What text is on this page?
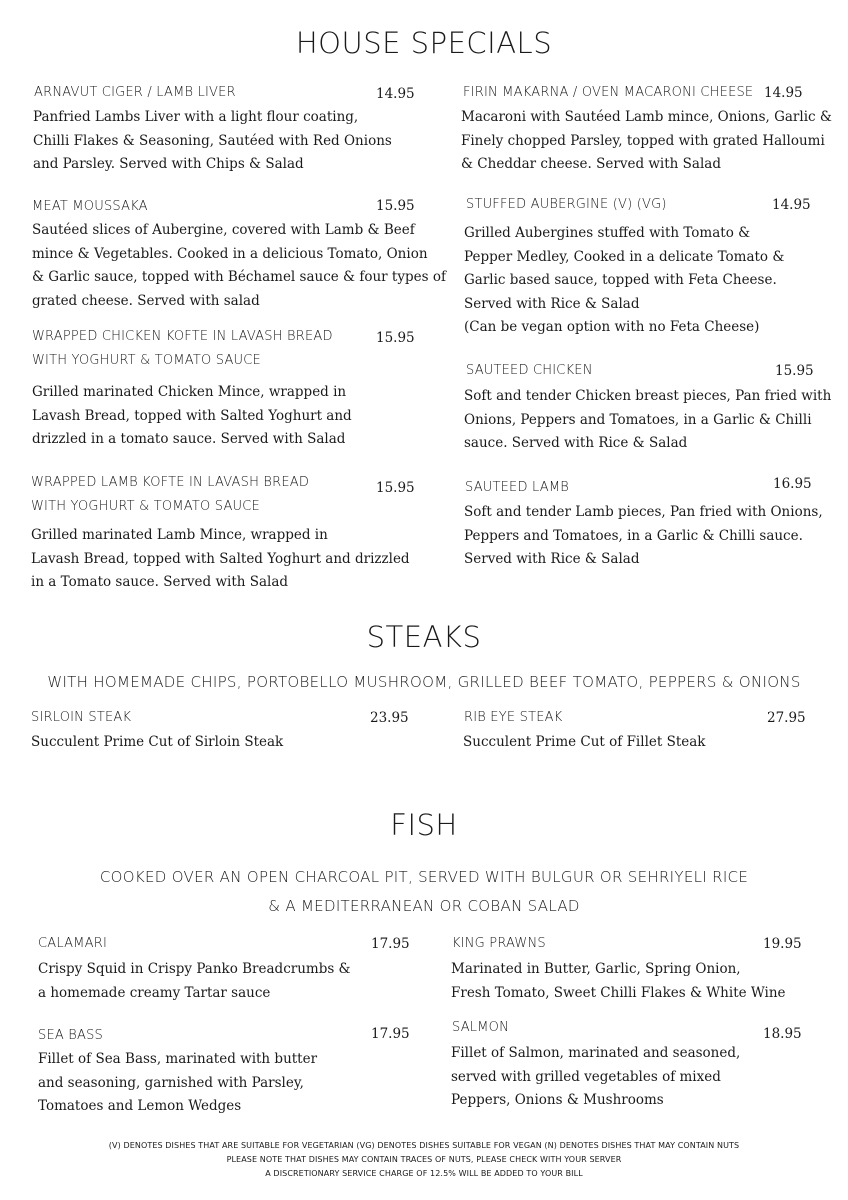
HOUSE SPECIALS
ARNAVUT CIGER / LAMB LIVER	14.95
Panfried Lambs Liver with a light flour coating,
Chilli Flakes & Seasoning, Sautéed with Red Onions
and Parsley. Served with Chips & Salad
FIRIN MAKARNA / OVEN MACARONI CHEESE 14.95
Macaroni with Sautéed Lamb mince, Onions, Garlic &
Finely chopped Parsley, topped with grated Halloumi
& Cheddar cheese. Served with Salad
MEAT MOUSSAKA	15.95
Sautéed slices of Aubergine, covered with Lamb & Beef
mince & Vegetables. Cooked in a delicious Tomato, Onion
& Garlic sauce, topped with Béchamel sauce & four types of
grated cheese. Served with salad
STUFFED AUBERGINE (V) (VG)	14.95
Grilled Aubergines stuffed with Tomato &
Pepper Medley, Cooked in a delicate Tomato &
Garlic based sauce, topped with Feta Cheese.
Served with Rice & Salad
(Can be vegan option with no Feta Cheese)
WRAPPED CHICKEN KOFTE IN LAVASH BREAD
WITH YOGHURT & TOMATO SAUCE
15.95
Grilled marinated Chicken Mince, wrapped in
Lavash Bread, topped with Salted Yoghurt and
drizzled in a tomato sauce. Served with Salad
SAUTEED CHICKEN	15.95
Soft and tender Chicken breast pieces, Pan fried with
Onions, Peppers and Tomatoes, in a Garlic & Chilli
sauce. Served with Rice & Salad
WRAPPED LAMB KOFTE IN LAVASH BREAD
WITH YOGHURT & TOMATO SAUCE
15.95
Grilled marinated Lamb Mince, wrapped in
Lavash Bread, topped with Salted Yoghurt and drizzled
in a Tomato sauce. Served with Salad
SAUTEED LAMB	16.95
Soft and tender Lamb pieces, Pan fried with Onions,
Peppers and Tomatoes, in a Garlic & Chilli sauce.
Served with Rice & Salad
STEAKS
WITH HOMEMADE CHIPS, PORTOBELLO MUSHROOM, GRILLED BEEF TOMATO, PEPPERS & ONIONS
SIRLOIN STEAK	23.95
Succulent Prime Cut of Sirloin Steak
RIB EYE STEAK	27.95
Succulent Prime Cut of Fillet Steak
FISH
COOKED OVER AN OPEN CHARCOAL PIT, SERVED WITH BULGUR OR SEHRIYELI RICE
& A MEDITERRANEAN OR COBAN SALAD
CALAMARI	17.95
Crispy Squid in Crispy Panko Breadcrumbs &
a homemade creamy Tartar sauce
KING PRAWNS	19.95
Marinated in Butter, Garlic, Spring Onion,
Fresh Tomato, Sweet Chilli Flakes & White Wine
SEA BASS	17.95
Fillet of Sea Bass, marinated with butter
and seasoning, garnished with Parsley,
Tomatoes and Lemon Wedges
SALMON	18.95
Fillet of Salmon, marinated and seasoned,
served with grilled vegetables of mixed
Peppers, Onions & Mushrooms
(V) DENOTES DISHES THAT ARE SUITABLE FOR VEGETARIAN (VG) DENOTES DISHES SUITABLE FOR VEGAN (N) DENOTES DISHES THAT MAY CONTAIN NUTS
PLEASE NOTE THAT DISHES MAY CONTAIN TRACES OF NUTS, PLEASE CHECK WITH YOUR SERVER
A DISCRETIONARY SERVICE CHARGE OF 12.5% WILL BE ADDED TO YOUR BILL
